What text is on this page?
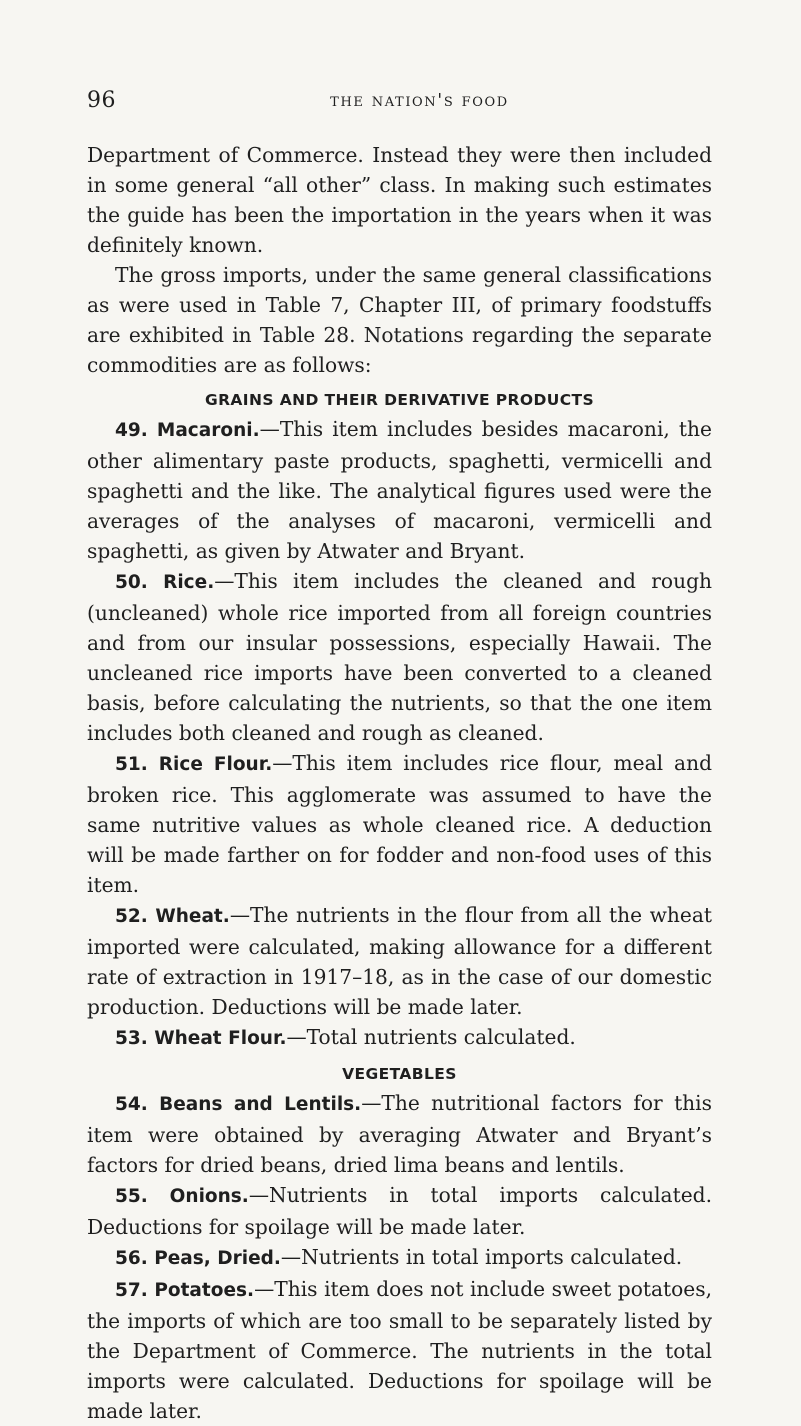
96	the nation's food

Department of Commerce. Instead they were then included in some general “all other” class. In making such estimates the guide has been the importation in the years when it was definitely known.

The gross imports, under the same general classifications as were used in Table 7, Chapter III, of primary foodstuffs are exhibited in Table 28. Notations regarding the separate commodities are as follows:

GRAINS AND THEIR DERIVATIVE PRODUCTS

49. Macaroni.—This item includes besides macaroni, the other alimentary paste products, spaghetti, vermicelli and spaghetti and the like. The analytical figures used were the averages of the analyses of macaroni, vermicelli and spaghetti, as given by Atwater and Bryant.

50. Rice.—This item includes the cleaned and rough (uncleaned) whole rice imported from all foreign countries and from our insular possessions, especially Hawaii. The uncleaned rice imports have been converted to a cleaned basis, before calculating the nutrients, so that the one item includes both cleaned and rough as cleaned.

51. Rice Flour.—This item includes rice flour, meal and broken rice. This agglomerate was assumed to have the same nutritive values as whole cleaned rice. A deduction will be made farther on for fodder and non-food uses of this item.

52. Wheat.—The nutrients in the flour from all the wheat imported were calculated, making allowance for a different rate of extraction in 1917–18, as in the case of our domestic production. Deductions will be made later.

53. Wheat Flour.—Total nutrients calculated.

VEGETABLES

54. Beans and Lentils.—The nutritional factors for this item were obtained by averaging Atwater and Bryant’s factors for dried beans, dried lima beans and lentils.

55. Onions.—Nutrients in total imports calculated. Deductions for spoilage will be made later.

56. Peas, Dried.—Nutrients in total imports calculated.

57. Potatoes.—This item does not include sweet potatoes, the imports of which are too small to be separately listed by the Department of Commerce. The nutrients in the total imports were calculated. Deductions for spoilage will be made later.
